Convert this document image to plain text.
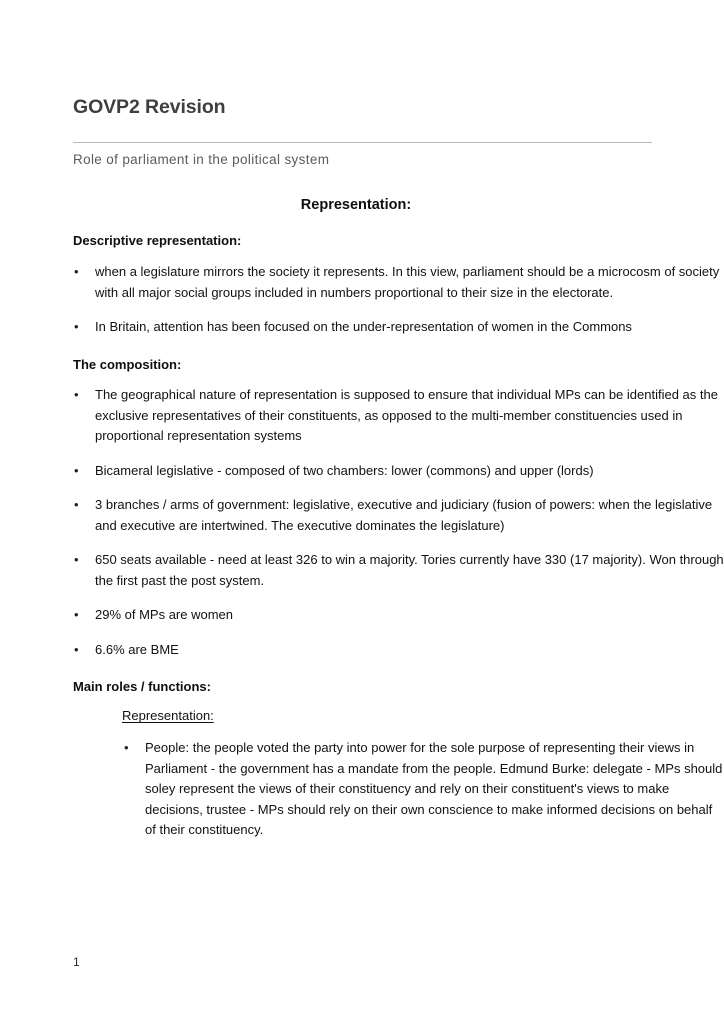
GOVP2 Revision
Role of parliament in the political system
Representation:
Descriptive representation:
• when a legislature mirrors the society it represents. In this view, parliament should be a microcosm of society with all major social groups included in numbers proportional to their size in the electorate.
• In Britain, attention has been focused on the under-representation of women in the Commons
The composition:
• The geographical nature of representation is supposed to ensure that individual MPs can be identified as the exclusive representatives of their constituents, as opposed to the multi-member constituencies used in proportional representation systems
• Bicameral legislative - composed of two chambers: lower (commons) and upper (lords)
• 3 branches / arms of government: legislative, executive and judiciary (fusion of powers: when the legislative and executive are intertwined. The executive dominates the legislature)
• 650 seats available - need at least 326 to win a majority. Tories currently have 330 (17 majority). Won through the first past the post system.
• 29% of MPs are women
• 6.6% are BME
Main roles / functions:
Representation:
• People: the people voted the party into power for the sole purpose of representing their views in Parliament - the government has a mandate from the people. Edmund Burke: delegate - MPs should soley represent the views of their constituency and rely on their constituent's views to make decisions, trustee - MPs should rely on their own conscience to make informed decisions on behalf of their constituency.
1
